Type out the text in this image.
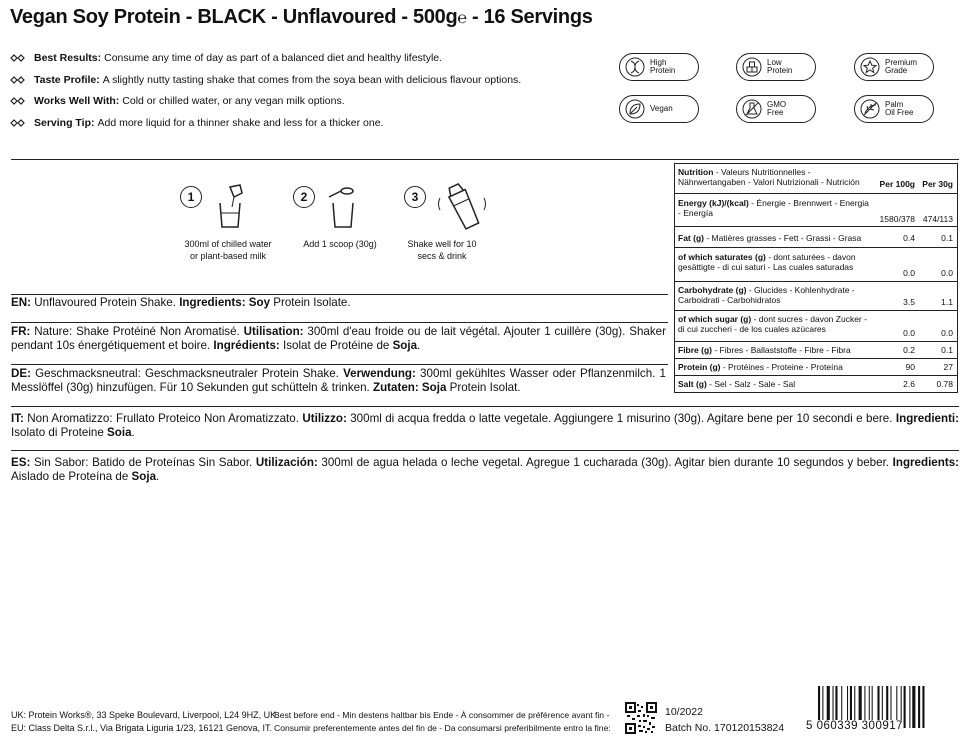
Vegan Soy Protein - BLACK - Unflavoured - 500g℮ - 16 Servings
Best Results: Consume any time of day as part of a balanced diet and healthy lifestyle.
Taste Profile: A slightly nutty tasting shake that comes from the soya bean with delicious flavour options.
Works Well With: Cold or chilled water, or any vegan milk options.
Serving Tip: Add more liquid for a thinner shake and less for a thicker one.
High
Protein
Low
Protein
Premium
Grade
Vegan	GMO
Free
Palm
Oil Free
1
300ml of chilled water
or plant-based milk
2
Add 1 scoop (30g)
3
Shake well for 10
secs & drink
EN: Unflavoured Protein Shake. Ingredients: Soy Protein Isolate.
FR: Nature: Shake Protéiné Non Aromatisé. Utilisation: 300ml d'eau froide ou de lait végétal. Ajouter 1 cuillère (30g). Shaker pendant 10s énergétiquement et boire. Ingrédients: Isolat de Protéine de Soja.
DE: Geschmacksneutral: Geschmacksneutraler Protein Shake. Verwendung: 300ml gekühltes Wasser oder Pflanzenmilch. 1 Messlöffel (30g) hinzufügen. Für 10 Sekunden gut schütteln & trinken. Zutaten: Soja Protein Isolat.
IT: Non Aromatizzo: Frullato Proteico Non Aromatizzato. Utilizzo: 300ml di acqua fredda o latte vegetale. Aggiungere 1 misurino (30g). Agitare bene per 10 secondi e bere. Ingredienti: Isolato di Proteine Soia.
ES: Sin Sabor: Batido de Proteínas Sin Sabor. Utilización: 300ml de agua helada o leche vegetal. Agregue 1 cucharada (30g). Agitar bien durante 10 segundos y beber. Ingredients: Aislado de Proteína de Soja.
Nutrition - Valeurs Nutritionnelles - Nährwertangaben - Valori Nutrizionali - Nutrición	Per 100g Per 30g
Energy (kJ)/(kcal) - Énergie - Brennwert - Energia - Energía
1580/378 474/113
Fat (g) - Matières grasses - Fett - Grassi - Grasa	0.4	0.1
of which saturates (g) - dont saturées - davon gesättigte - di cui saturi - Las cuales saturadas
0.0	0.0
Carbohydrate (g) - Glucides - Kohlenhydrate - Carboidrati - Carbohidratos	3.5	1.1
of which sugar (g) - dont sucres - davon Zucker - di cui zuccheri - de los cuales azúcares	0.0	0.0
Fibre (g) - Fibres - Ballaststoffe - Fibre - Fibra	0.2	0.1
Protein (g) - Protéines - Proteine - Proteína	90	27
Salt (g) - Sel - Salz - Sale - Sal	2.6	0.78
UK: Protein Works®, 33 Speke Boulevard, Liverpool, L24 9HZ, UK.
EU: Class Delta S.r.l., Via Brigata Liguria 1/23, 16121 Genova, IT.
Best before end - Min destens haltbar bis Ende - À consommer de préférence avant fin -
Consumir preferentemente antes del fin de - Da consumarsi preferibilmente entro la fine:
10/2022
Batch No. 170120153824 5 060339 300917
